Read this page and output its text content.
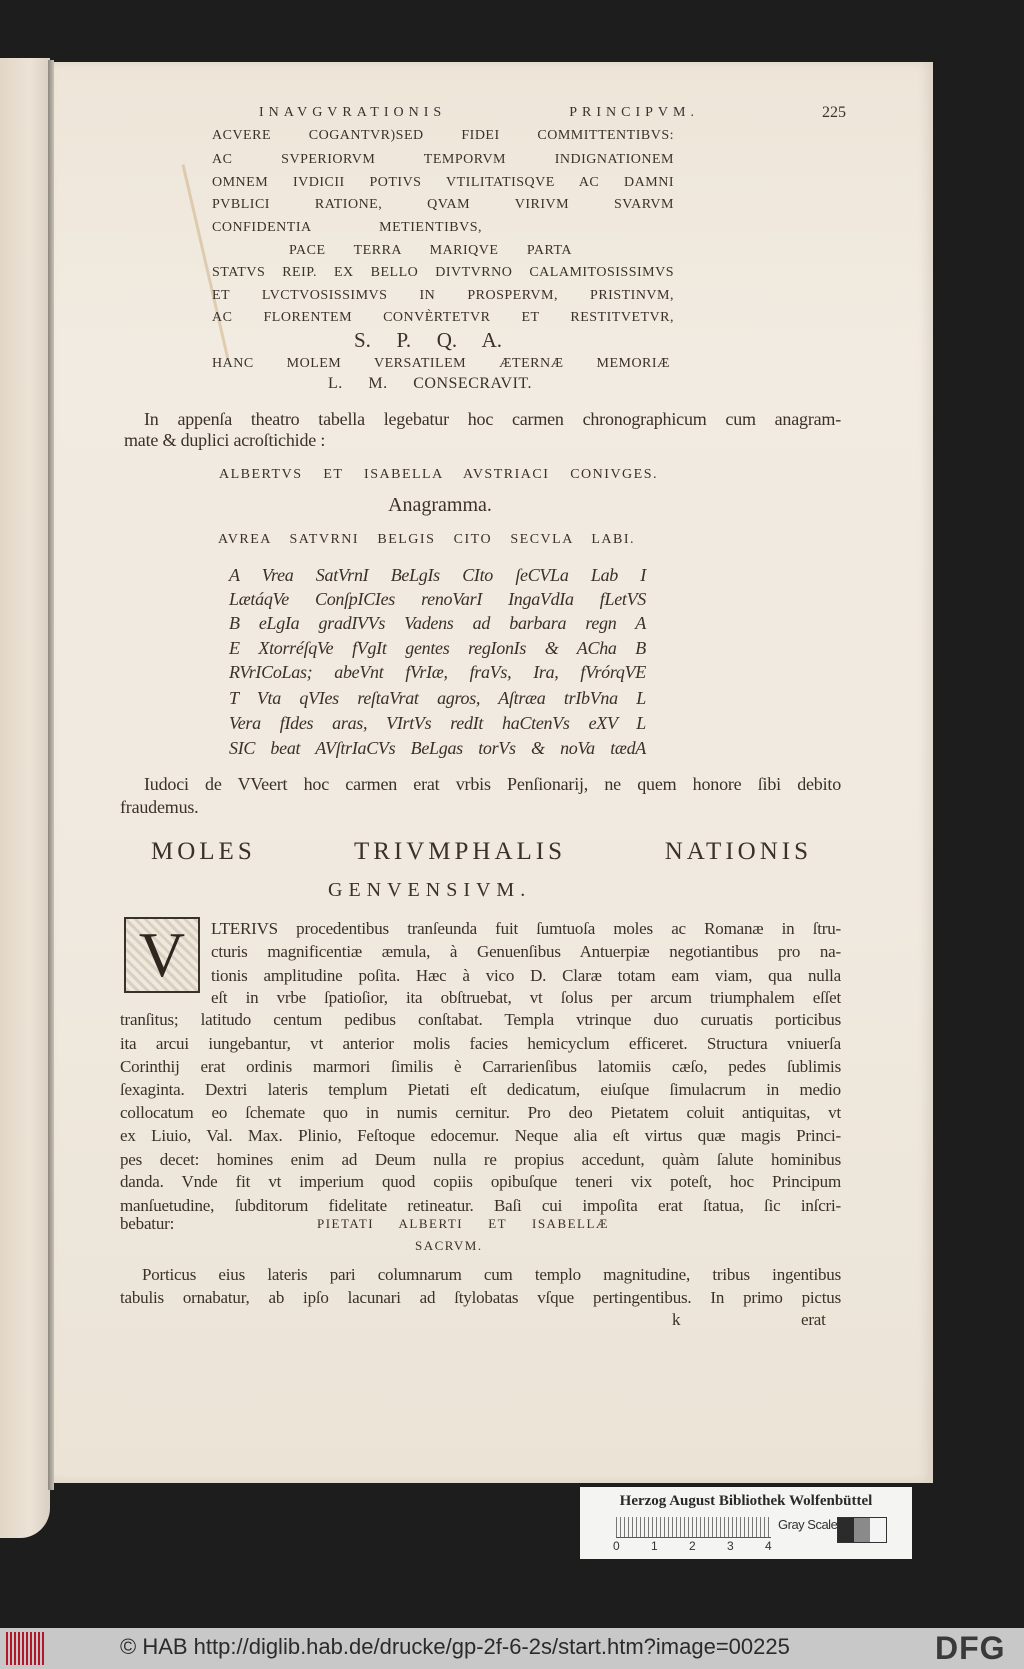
INAVGVRATIONIS PRINCIPVM.	225
ACVERE COGANTVR)SED FIDEI COMMITTENTIBVS:
AC SVPERIORVM TEMPORVM INDIGNATIONEM
OMNEM IVDICII POTIVS VTILITATISQVE AC DAMNI
PVBLICI RATIONE, QVAM VIRIVM SVARVM
CONFIDENTIA METIENTIBVS,
PACE TERRA MARIQVE PARTA
STATVS REIP. EX BELLO DIVTVRNO CALAMITOSISSIMVS
ET LVCTVOSISSIMVS IN PROSPERVM, PRISTINVM,
AC FLORENTEM CONVÈRTETVR ET RESTITVETVR,
S. P. Q. A.
HANC MOLEM VERSATILEM ÆTERNÆ MEMORIÆ
L. M. CONSECRAVIT.
In appenſa theatro tabella legebatur hoc carmen chronographicum cum anagram-
mate & duplici acroſtichide :
ALBERTVS ET ISABELLA AVSTRIACI CONIVGES.
Anagramma.
AVREA SATVRNI BELGIS CITO SECVLA LABI.
A Vrea SatVrnI BeLgIs CIto ſeCVLa Lab I
LætáqVe ConſpICIes renoVarI IngaVdIa fLetVS
B eLgIa gradIVVs Vadens ad barbara regn A
E XtorréſqVe fVgIt gentes regIonIs & ACha B
RVrICoLas; abeVnt fVrIæ, fraVs, Ira, fVrórqVE
T Vta qVIes reſtaVrat agros, Aſtræa trIbVna L
Vera fIdes aras, VIrtVs redIt haCtenVs eXV L
SIC beat AVſtrIaCVs BeLgas torVs & noVa tædA
Iudoci de VVeert hoc carmen erat vrbis Penſionarij, ne quem honore ſibi debito
fraudemus.
MOLES TRIVMPHALIS NATIONIS
GENVENSIVM.
V	LTERIVS procedentibus tranſeunda fuit ſumtuoſa moles ac Romanæ in ſtru-
cturis magnificentiæ æmula, à Genuenſibus Antuerpiæ negotiantibus pro na-
tionis amplitudine poſita. Hæc à vico D. Claræ totam eam viam, qua nulla
eſt in vrbe ſpatioſior, ita obſtruebat, vt ſolus per arcum triumphalem eſſet
tranſitus; latitudo centum pedibus conſtabat. Templa vtrinque duo curuatis porticibus
ita arcui iungebantur, vt anterior molis facies hemicyclum efficeret. Structura vniuerſa
Corinthij erat ordinis marmori ſimilis è Carrarienſibus latomiis cæſo, pedes ſublimis
ſexaginta. Dextri lateris templum Pietati eſt dedicatum, eiuſque ſimulacrum in medio
collocatum eo ſchemate quo in numis cernitur. Pro deo Pietatem coluit antiquitas, vt
ex Liuio, Val. Max. Plinio, Feſtoque edocemur. Neque alia eſt virtus quæ magis Princi-
pes decet: homines enim ad Deum nulla re propius accedunt, quàm ſalute hominibus
danda. Vnde fit vt imperium quod copiis opibuſque teneri vix poteſt, hoc Principum
manſuetudine, ſubditorum fidelitate retineatur. Baſi cui impoſita erat ſtatua, ſic inſcri-
bebatur:	PIETATI ALBERTI ET ISABELLÆ
SACRVM.
Porticus eius lateris pari columnarum cum templo magnitudine, tribus ingentibus
tabulis ornabatur, ab ipſo lacunari ad ſtylobatas vſque pertingentibus. In primo pictus
k	erat
Herzog August Bibliothek Wolfenbüttel
0	1	2	3	4
Gray Scale
© HAB http://diglib.hab.de/drucke/gp-2f-6-2s/start.htm?image=00225	DFG
